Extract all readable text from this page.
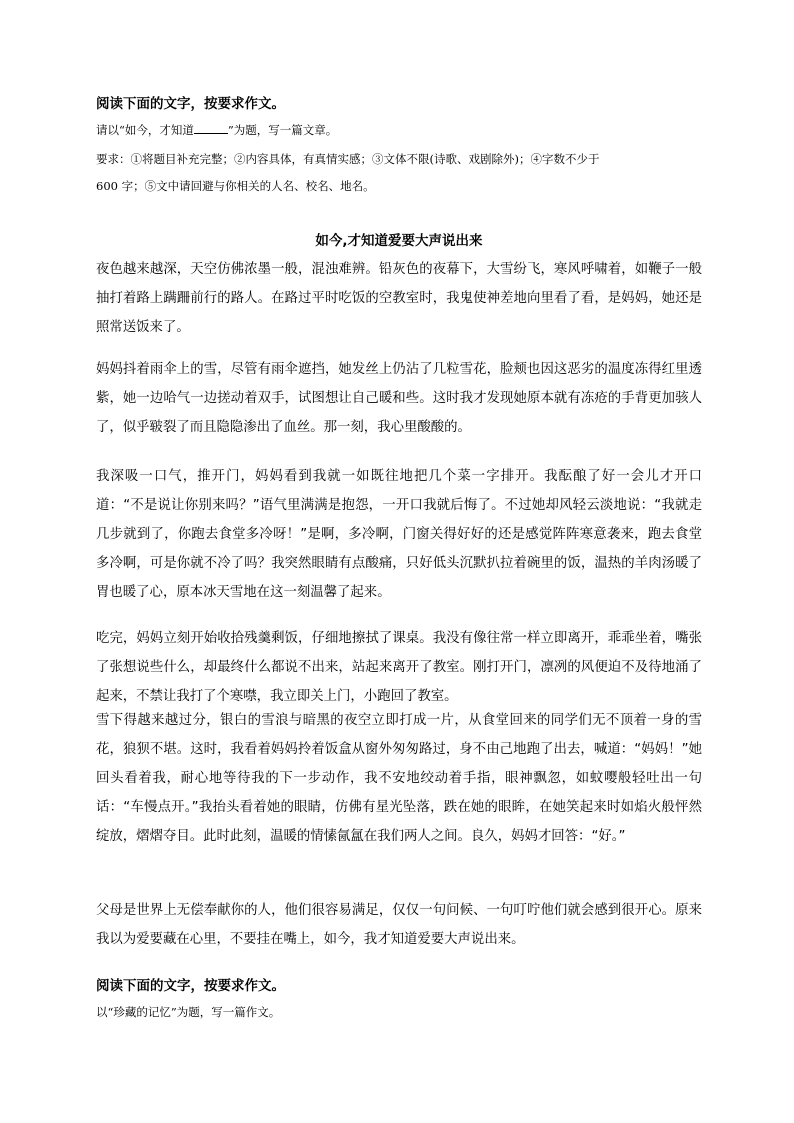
阅读下面的文字，按要求作文。
请以“如今，才知道	”为题，写一篇文章。
要求：①将题目补充完整；②内容具体，有真情实感；③文体不限(诗歌、戏剧除外)；④字数不少于
600 字；⑤文中请回避与你相关的人名、校名、地名。
如今,才知道爱要大声说出来
夜色越来越深，天空仿佛浓墨一般，混浊难辨。铅灰色的夜幕下，大雪纷飞，寒风呼啸着，如鞭子一般抽打着路上蹒跚前行的路人。在路过平时吃饭的空教室时，我鬼使神差地向里看了看，是妈妈，她还是照常送饭来了。
妈妈抖着雨伞上的雪，尽管有雨伞遮挡，她发丝上仍沾了几粒雪花，脸颊也因这恶劣的温度冻得红里透紫，她一边哈气一边搓动着双手，试图想让自己暖和些。这时我才发现她原本就有冻疮的手背更加骇人了，似乎皲裂了而且隐隐渗出了血丝。那一刻，我心里酸酸的。
我深吸一口气，推开门，妈妈看到我就一如既往地把几个菜一字排开。我酝酿了好一会儿才开口道：“不是说让你别来吗？”语气里满满是抱怨，一开口我就后悔了。不过她却风轻云淡地说：“我就走几步就到了，你跑去食堂多冷呀！”是啊，多冷啊，门窗关得好好的还是感觉阵阵寒意袭来，跑去食堂多冷啊，可是你就不冷了吗？我突然眼睛有点酸痛，只好低头沉默扒拉着碗里的饭，温热的羊肉汤暖了胃也暖了心，原本冰天雪地在这一刻温馨了起来。
吃完，妈妈立刻开始收拾残羹剩饭，仔细地擦拭了课桌。我没有像往常一样立即离开，乖乖坐着，嘴张了张想说些什么，却最终什么都说不出来，站起来离开了教室。刚打开门，凛冽的风便迫不及待地涌了起来，不禁让我打了个寒噤，我立即关上门，小跑回了教室。
雪下得越来越过分，银白的雪浪与暗黑的夜空立即打成一片，从食堂回来的同学们无不顶着一身的雪花，狼狈不堪。这时，我看着妈妈拎着饭盒从窗外匆匆路过，身不由己地跑了出去，喊道：“妈妈！”她回头看着我，耐心地等待我的下一步动作，我不安地绞动着手指，眼神飘忽，如蚊嘤般轻吐出一句话：“车慢点开。”我抬头看着她的眼睛，仿佛有星光坠落，跌在她的眼眸，在她笑起来时如焰火般怦然绽放，熠熠夺目。此时此刻，温暖的情愫氤氲在我们两人之间。良久，妈妈才回答：“好。”
父母是世界上无偿奉献你的人，他们很容易满足，仅仅一句问候、一句叮咛他们就会感到很开心。原来我以为爱要藏在心里，不要挂在嘴上，如今，我才知道爱要大声说出来。
阅读下面的文字，按要求作文。
以“珍藏的记忆”为题，写一篇作文。
